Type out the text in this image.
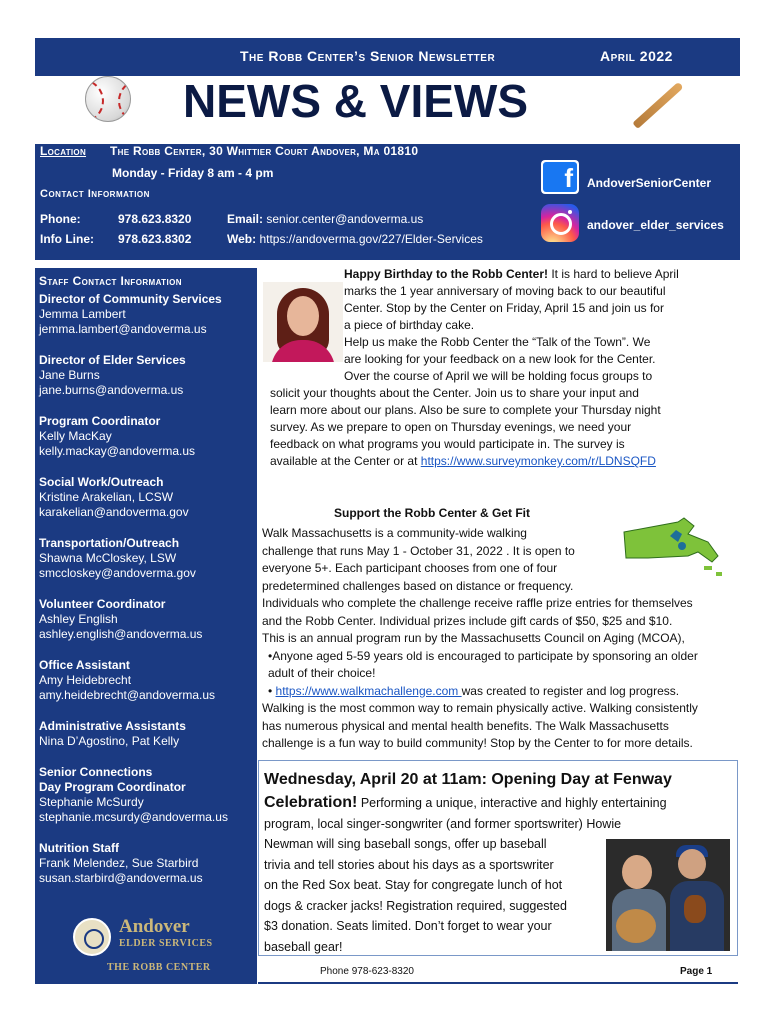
The Robb Center’s Senior Newsletter	April 2022
NEWS & VIEWS
Location The Robb Center, 30 Whittier Court Andover, Ma 01810
Monday - Friday 8 am - 4 pm
Contact Information
Phone:	978.623.8320
Info Line: 978.623.8302
Email: senior.center@andoverma.us
Web: https://andoverma.gov/227/Elder-Services
f	AndoverSeniorCenter
andover_elder_services
Staff Contact Information
Director of Community Services
Jemma Lambert
jemma.lambert@andoverma.us
Director of Elder Services
Jane Burns
jane.burns@andoverma.us
Program Coordinator
Kelly MacKay
kelly.mackay@andoverma.us
Social Work/Outreach
Kristine Arakelian, LCSW
karakelian@andoverma.gov
Transportation/Outreach
Shawna McCloskey, LSW
smccloskey@andoverma.gov
Volunteer Coordinator
Ashley English
ashley.english@andoverma.us
Office Assistant
Amy Heidebrecht
amy.heidebrecht@andoverma.us
Administrative Assistants
Nina D’Agostino, Pat Kelly
Senior Connections
Day Program Coordinator
Stephanie McSurdy
stephanie.mcsurdy@andoverma.us
Nutrition Staff
Frank Melendez, Sue Starbird
susan.starbird@andoverma.us
Andover
ELDER SERVICES
THE ROBB CENTER
Happy Birthday to the Robb Center! It is hard to believe April
marks the 1 year anniversary of moving back to our beautiful
Center. Stop by the Center on Friday, April 15 and join us for
a piece of birthday cake.
Help us make the Robb Center the “Talk of the Town”. We
are looking for your feedback on a new look for the Center.
Over the course of April we will be holding focus groups to
solicit your thoughts about the Center. Join us to share your input and
learn more about our plans. Also be sure to complete your Thursday night
survey. As we prepare to open on Thursday evenings, we need your
feedback on what programs you would participate in. The survey is
available at the Center or at https://www.surveymonkey.com/r/LDNSQFD
Support the Robb Center & Get Fit
Walk Massachusetts is a community-wide walking
challenge that runs May 1 - October 31, 2022 . It is open to
everyone 5+. Each participant chooses from one of four
predetermined challenges based on distance or frequency.
Individuals who complete the challenge receive raffle prize entries for themselves
and the Robb Center. Individual prizes include gift cards of $50, $25 and $10.
This is an annual program run by the Massachusetts Council on Aging (MCOA),
•Anyone aged 5-59 years old is encouraged to participate by sponsoring an older
adult of their choice!
• https://www.walkmachallenge.com was created to register and log progress.
Walking is the most common way to remain physically active. Walking consistently
has numerous physical and mental health benefits. The Walk Massachusetts
challenge is a fun way to build community! Stop by the Center to for more details.
Wednesday, April 20 at 11am: Opening Day at Fenway
Celebration! Performing a unique, interactive and highly entertaining
program, local singer-songwriter (and former sportswriter) Howie
Newman will sing baseball songs, offer up baseball
trivia and tell stories about his days as a sportswriter
on the Red Sox beat. Stay for congregate lunch of hot
dogs & cracker jacks! Registration required, suggested
$3 donation. Seats limited. Don’t forget to wear your
baseball gear!
Phone 978-623-8320	Page 1
